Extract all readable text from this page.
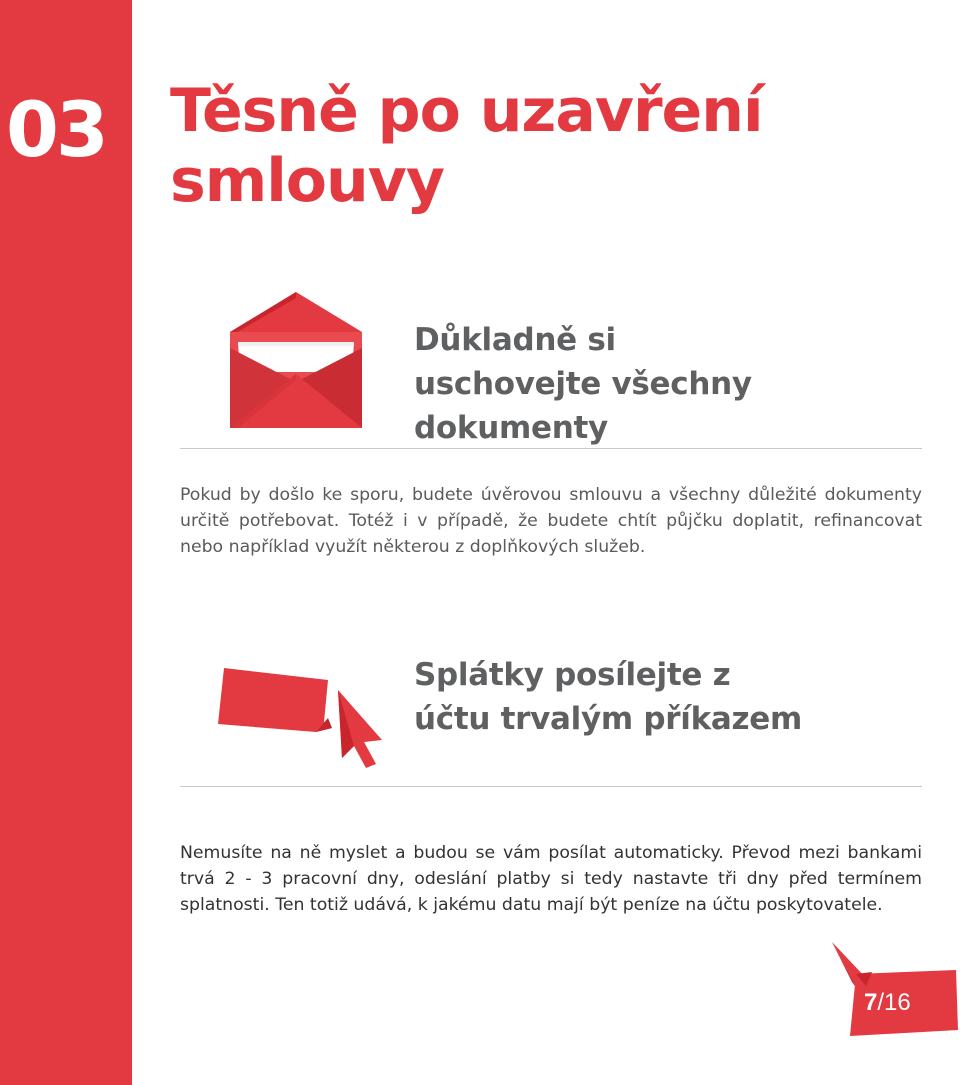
03 Těsně po uzavření smlouvy
Důkladně si uschovejte všechny dokumenty

Pokud by došlo ke sporu, budete úvěrovou smlouvu a všechny důležité dokumenty určitě potřebovat. Totéž i v případě, že budete chtít půjčku doplatit, refinancovat nebo například využít některou z doplňkových služeb.

Splátky posílejte z účtu trvalým příkazem

Nemusíte na ně myslet a budou se vám posílat automaticky. Převod mezi bankami trvá 2 - 3 pracovní dny, odeslání platby si tedy nastavte tři dny před termínem splatnosti. Ten totiž udává, k jakému datu mají být peníze na účtu poskytovatele.

7/16
